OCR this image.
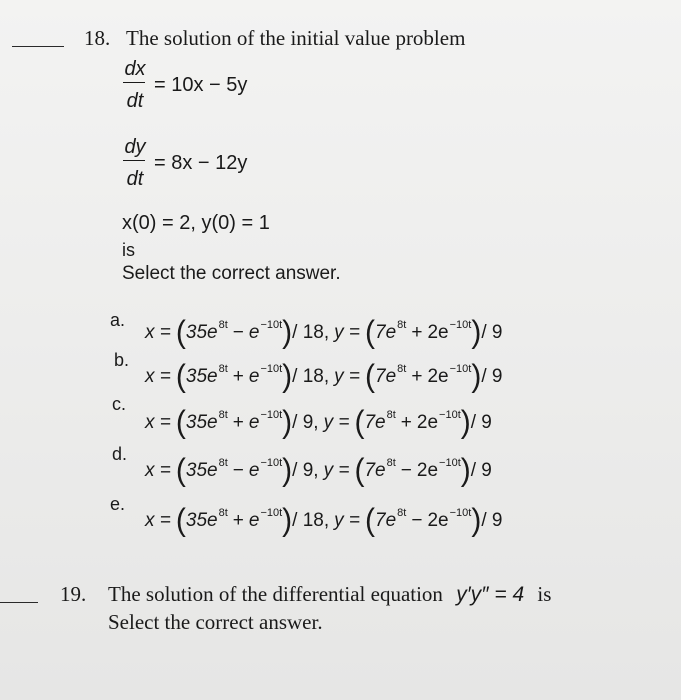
18. The solution of the initial value problem
dx
dt
= 10x − 5y
dy
dt
= 8x − 12y
x(0) = 2, y(0) = 1
is
Select the correct answer.
a.
x = ( $35e^{8t} - e^{-10t}$ ) / 18, y = ( $7e^{8t} + 2e^{-10t}$ ) / 9
b.
x = ( $35e^{8t} + e^{-10t}$ ) / 18, y = ( $7e^{8t} + 2e^{-10t}$ ) / 9
c.
x = ( $35e^{8t} + e^{-10t}$ ) / 9, y = ( $7e^{8t} + 2e^{-10t}$ ) / 9
d.
x = ( $35e^{8t} - e^{-10t}$ ) / 9, y = ( $7e^{8t} - 2e^{-10t}$ ) / 9
e.
x = ( $35e^{8t} + e^{-10t}$ ) / 18, y = ( $7e^{8t} - 2e^{-10t}$ ) / 9
19. The solution of the differential equation y′y″ = 4 is
Select the correct answer.
